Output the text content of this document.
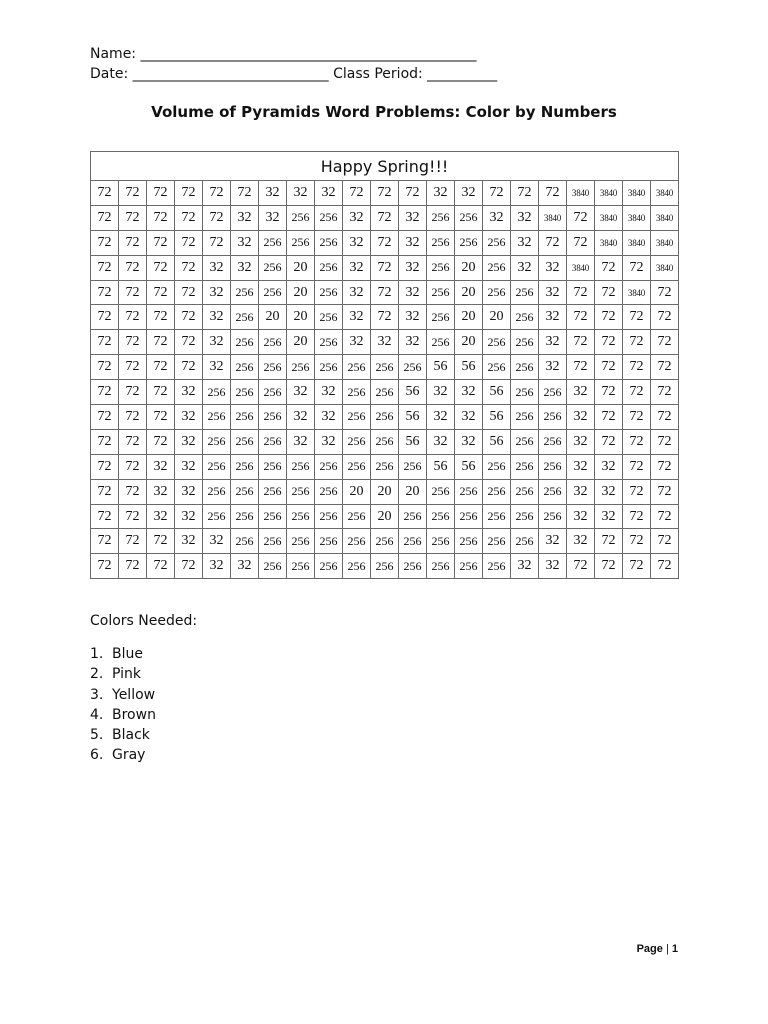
Name: ________________________________________________
Date: ____________________________ Class Period: __________
Volume of Pyramids Word Problems: Color by Numbers
Happy Spring!!!																				
72	72	72	72	72	72	32	32	32	72	72	72	32	32	72	72	72	3840	3840	3840	3840
72	72	72	72	72	32	32	256	256	32	72	32	256	256	32	32	3840	72	3840	3840	3840
72	72	72	72	72	32	256	256	256	32	72	32	256	256	256	32	72	72	3840	3840	3840
72	72	72	72	32	32	256	20	256	32	72	32	256	20	256	32	32	3840	72	72	3840
72	72	72	72	32	256	256	20	256	32	72	32	256	20	256	256	32	72	72	3840	72
72	72	72	72	32	256	20	20	256	32	72	32	256	20	20	256	32	72	72	72	72
72	72	72	72	32	256	256	20	256	32	32	32	256	20	256	256	32	72	72	72	72
72	72	72	72	32	256	256	256	256	256	256	256	56	56	256	256	32	72	72	72	72
72	72	72	32	256	256	256	32	32	256	256	56	32	32	56	256	256	32	72	72	72
72	72	72	32	256	256	256	32	32	256	256	56	32	32	56	256	256	32	72	72	72
72	72	72	32	256	256	256	32	32	256	256	56	32	32	56	256	256	32	72	72	72
72	72	32	32	256	256	256	256	256	256	256	256	56	56	256	256	256	32	32	72	72
72	72	32	32	256	256	256	256	256	20	20	20	256	256	256	256	256	32	32	72	72
72	72	32	32	256	256	256	256	256	256	20	256	256	256	256	256	256	32	32	72	72
72	72	72	32	32	256	256	256	256	256	256	256	256	256	256	256	32	32	72	72	72
72	72	72	72	32	32	256	256	256	256	256	256	256	256	256	32	32	72	72	72	72
Colors Needed:
1. Blue
2. Pink
3. Yellow
4. Brown
5. Black
6. Gray
Page | 1
